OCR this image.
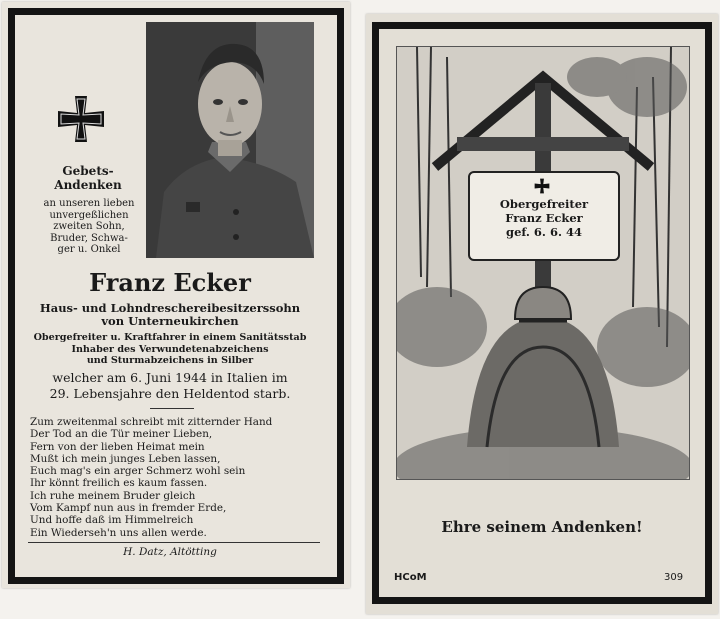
Gebets-
Andenken
an unseren lieben
unvergeßlichen
zweiten Sohn,
Bruder, Schwa-
ger u. Onkel
Franz Ecker
Haus- und Lohndreschereibesitzerssohn
von Unterneukirchen
Obergefreiter u. Kraftfahrer in einem Sanitätsstab
Inhaber des Verwundetenabzeichens
und Sturmabzeichens in Silber
welcher am 6. Juni 1944 in Italien im
29. Lebensjahre den Heldentod starb.
Zum zweitenmal schreibt mit zitternder Hand
Der Tod an die Tür meiner Lieben,
Fern von der lieben Heimat mein
Mußt ich mein junges Leben lassen,
Euch mag's ein arger Schmerz wohl sein
Ihr könnt freilich es kaum fassen.
Ich ruhe meinem Bruder gleich
Vom Kampf nun aus in fremder Erde,
Und hoffe daß im Himmelreich
Ein Wiederseh'n uns allen werde.
H. Datz, Altötting
Obergefreiter
Franz Ecker
gef. 6. 6. 44
Ehre seinem Andenken!
HCoM	309
